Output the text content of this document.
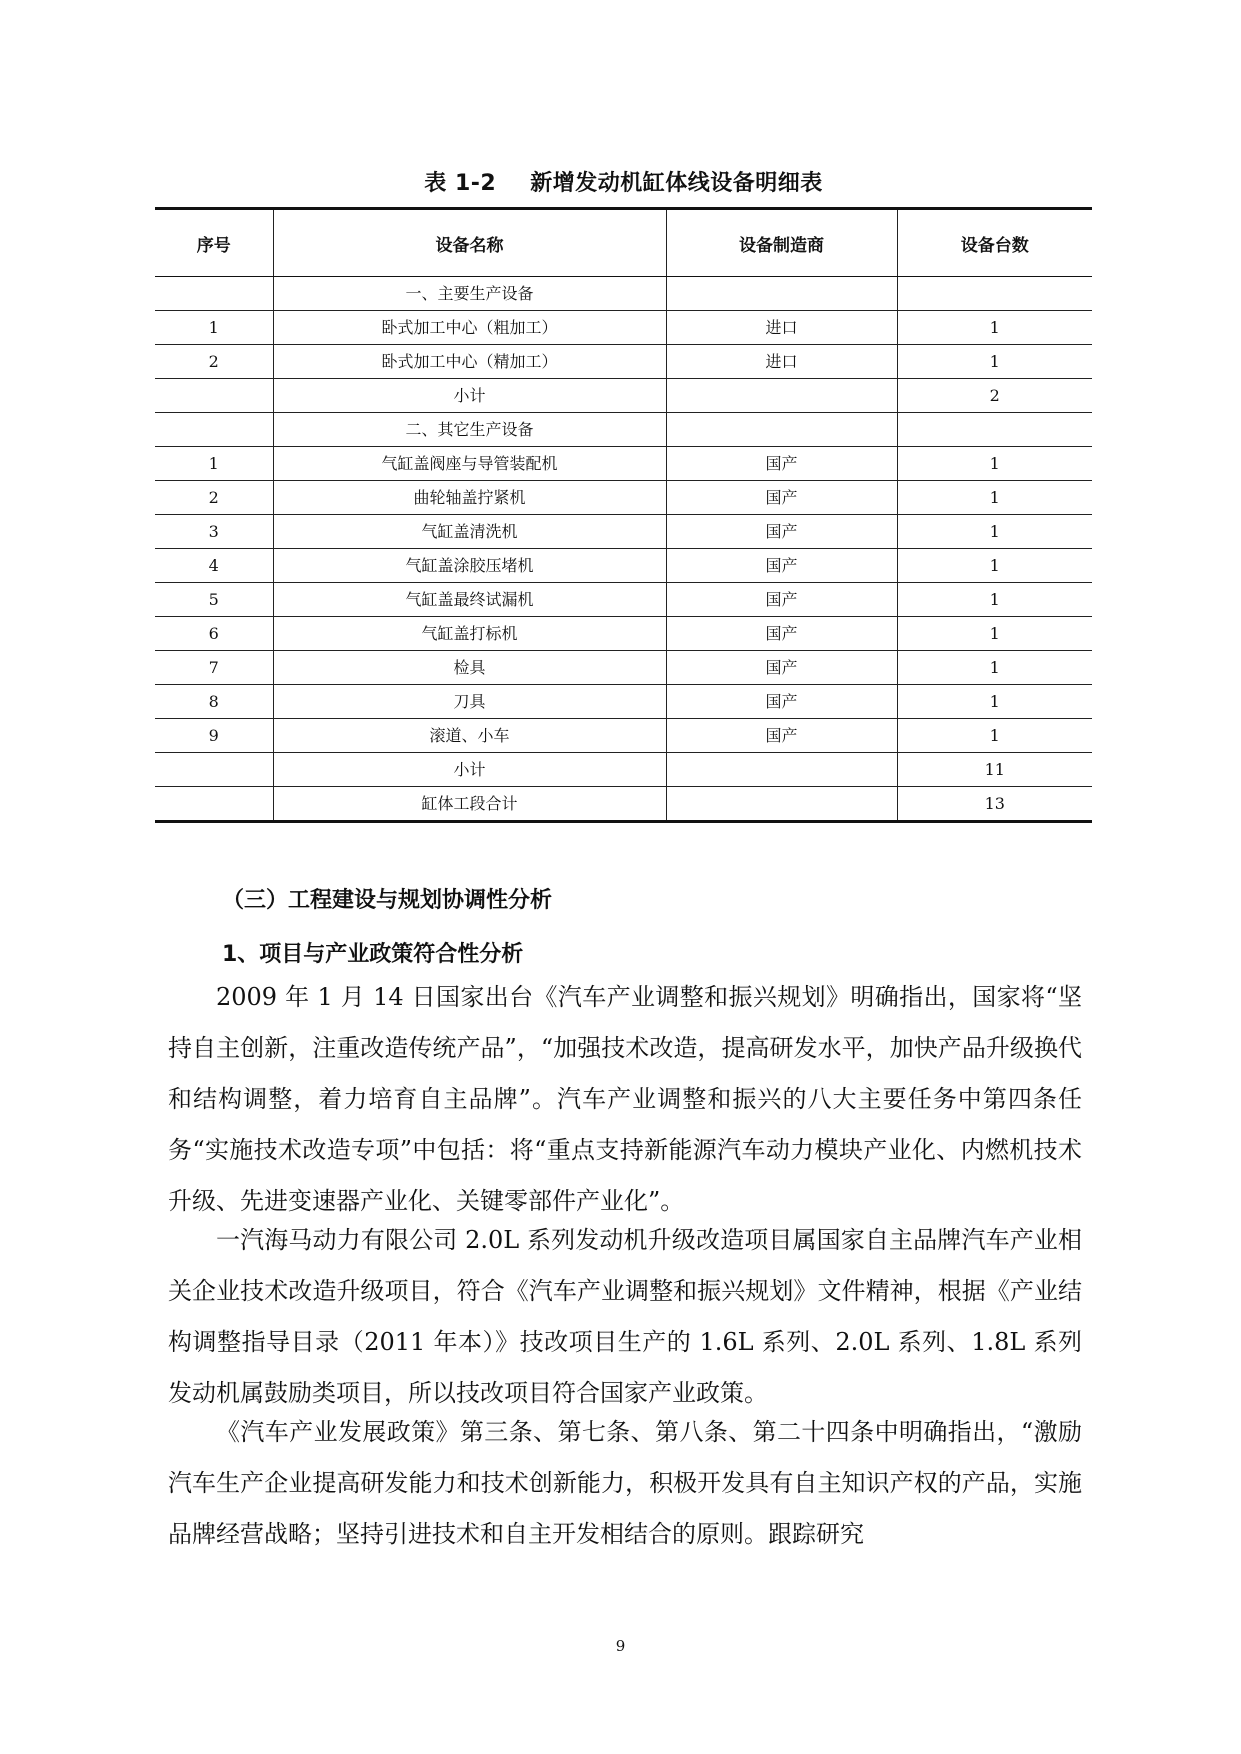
表 1-2 新增发动机缸体线设备明细表
序号	设备名称	设备制造商	设备台数
	一、主要生产设备		
1	卧式加工中心（粗加工）	进口	1
2	卧式加工中心（精加工）	进口	1
	小计		2
	二、其它生产设备		
1	气缸盖阀座与导管装配机	国产	1
2	曲轮轴盖拧紧机	国产	1
3	气缸盖清洗机	国产	1
4	气缸盖涂胶压堵机	国产	1
5	气缸盖最终试漏机	国产	1
6	气缸盖打标机	国产	1
7	检具	国产	1
8	刀具	国产	1
9	滚道、小车	国产	1
	小计		11
	缸体工段合计		13
（三）工程建设与规划协调性分析
1、项目与产业政策符合性分析

2009 年 1 月 14 日国家出台《汽车产业调整和振兴规划》明确指出，国家将“坚持自主创新，注重改造传统产品”，“加强技术改造，提高研发水平，加快产品升级换代和结构调整，着力培育自主品牌”。汽车产业调整和振兴的八大主要任务中第四条任务“实施技术改造专项”中包括：将“重点支持新能源汽车动力模块产业化、内燃机技术升级、先进变速器产业化、关键零部件产业化”。

一汽海马动力有限公司 2.0L 系列发动机升级改造项目属国家自主品牌汽车产业相关企业技术改造升级项目，符合《汽车产业调整和振兴规划》文件精神，根据《产业结构调整指导目录（2011 年本）》技改项目生产的 1.6L 系列、2.0L 系列、1.8L 系列发动机属鼓励类项目，所以技改项目符合国家产业政策。

《汽车产业发展政策》第三条、第七条、第八条、第二十四条中明确指出，“激励汽车生产企业提高研发能力和技术创新能力，积极开发具有自主知识产权的产品，实施品牌经营战略；坚持引进技术和自主开发相结合的原则。跟踪研究

9
